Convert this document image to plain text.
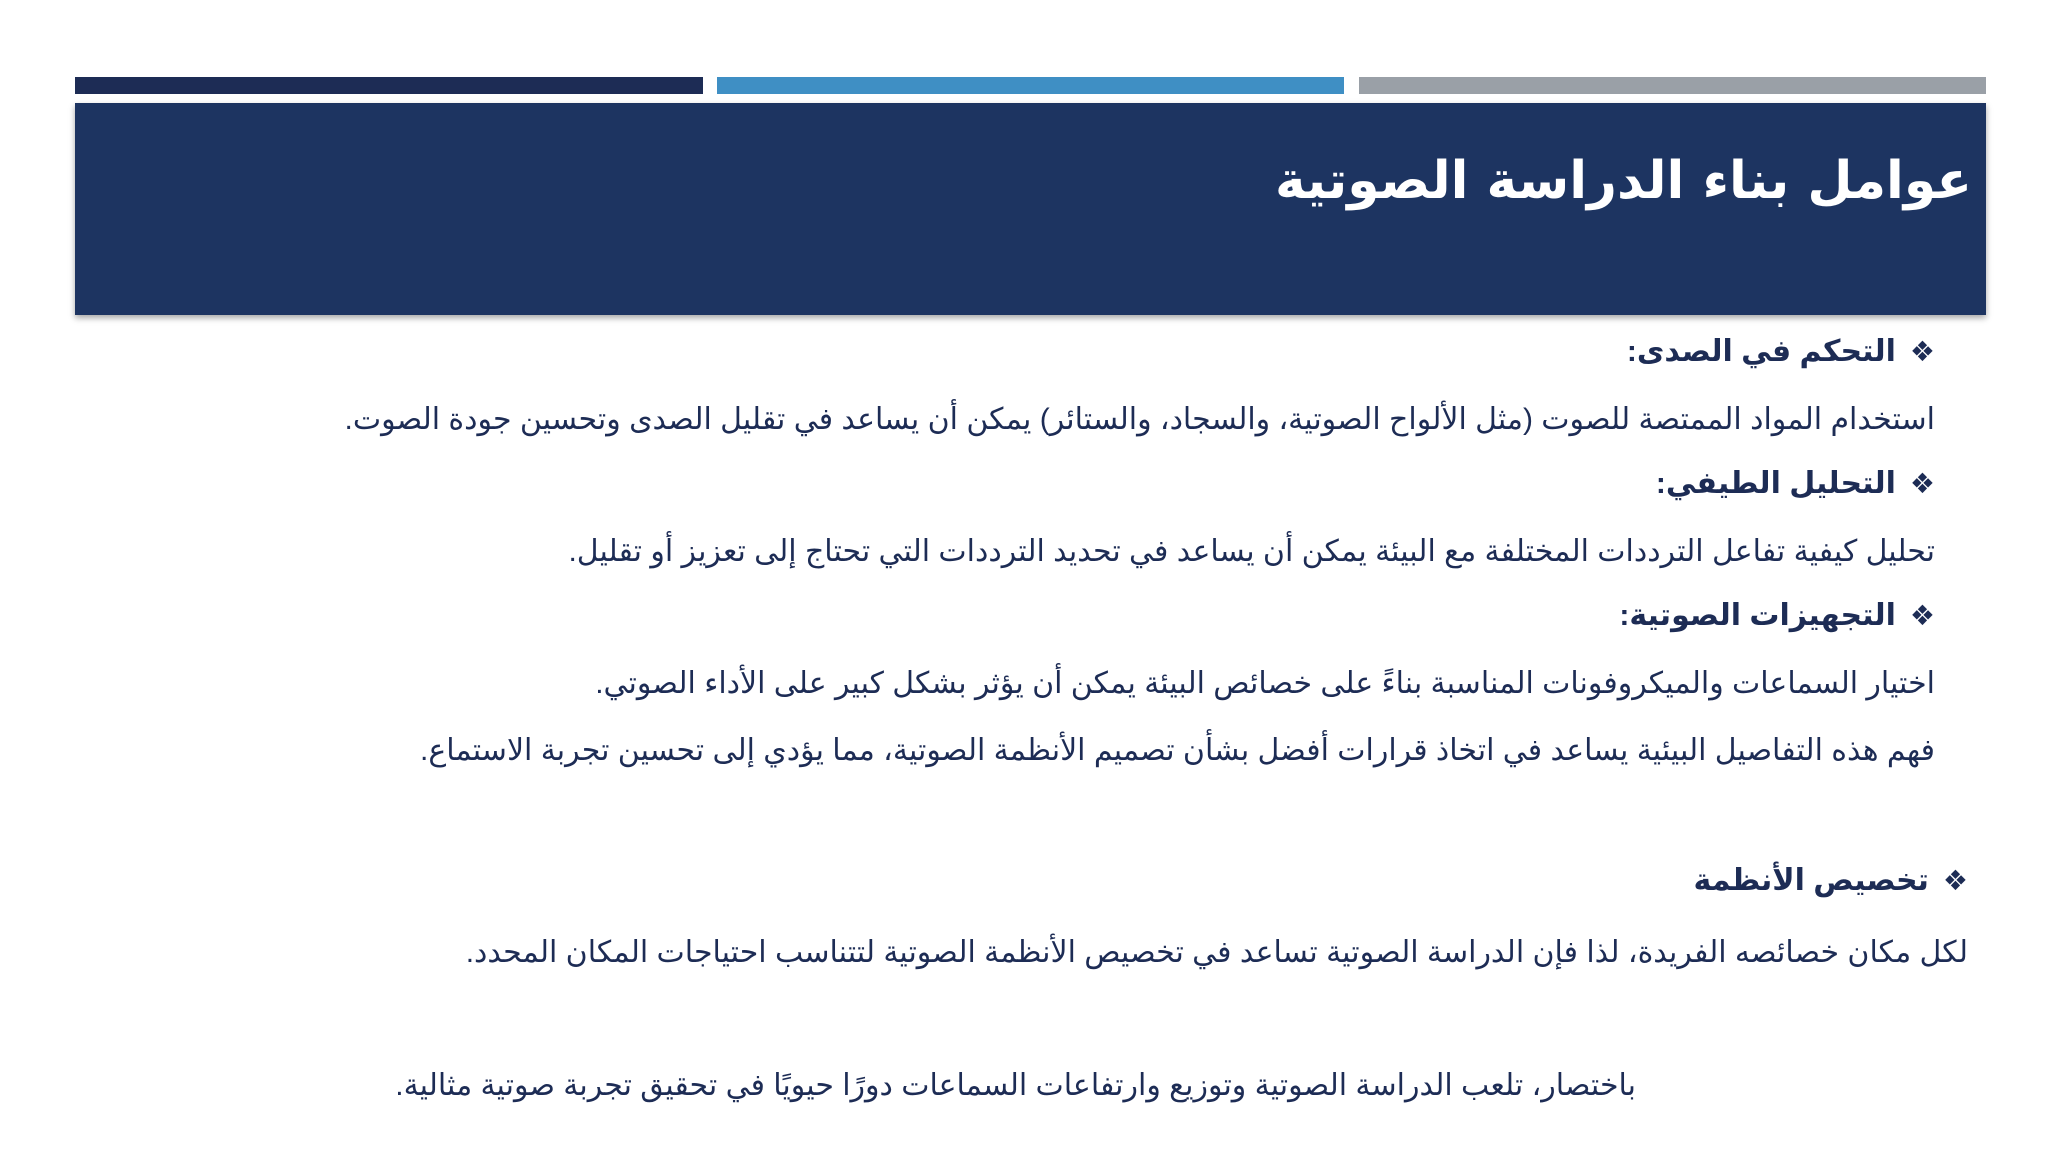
عوامل بناء الدراسة الصوتية
❖التحكم في الصدى:
استخدام المواد الممتصة للصوت (مثل الألواح الصوتية، والسجاد، والستائر) يمكن أن يساعد في تقليل الصدى وتحسين جودة الصوت.
❖التحليل الطيفي:
تحليل كيفية تفاعل الترددات المختلفة مع البيئة يمكن أن يساعد في تحديد الترددات التي تحتاج إلى تعزيز أو تقليل.
❖التجهيزات الصوتية:
اختيار السماعات والميكروفونات المناسبة بناءً على خصائص البيئة يمكن أن يؤثر بشكل كبير على الأداء الصوتي.
فهم هذه التفاصيل البيئية يساعد في اتخاذ قرارات أفضل بشأن تصميم الأنظمة الصوتية، مما يؤدي إلى تحسين تجربة الاستماع.
❖تخصيص الأنظمة
لكل مكان خصائصه الفريدة، لذا فإن الدراسة الصوتية تساعد في تخصيص الأنظمة الصوتية لتتناسب احتياجات المكان المحدد.
باختصار، تلعب الدراسة الصوتية وتوزيع وارتفاعات السماعات دورًا حيويًا في تحقيق تجربة صوتية مثالية.
